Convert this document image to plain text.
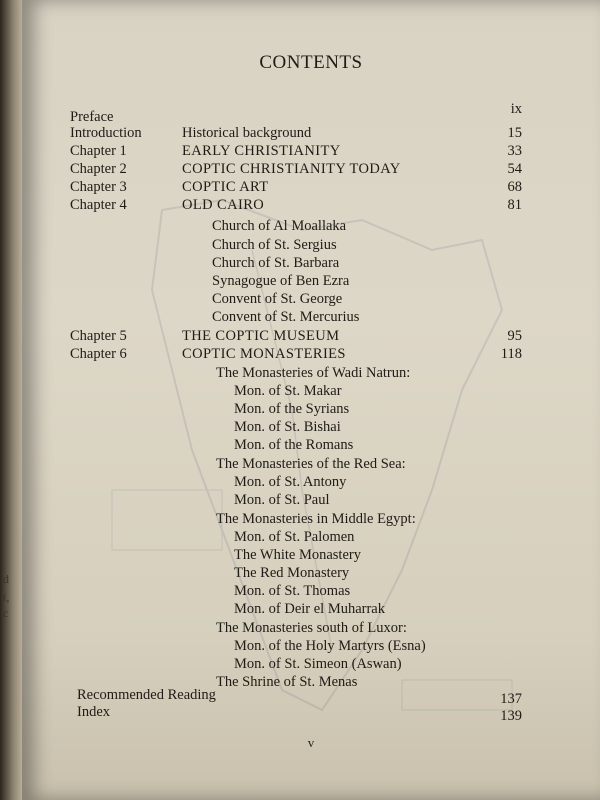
d
t,
c
CONTENTS
Preface	ix
Introduction	Historical background	15
Chapter 1	EARLY CHRISTIANITY	33
Chapter 2	COPTIC CHRISTIANITY TODAY	54
Chapter 3	COPTIC ART	68
Chapter 4	OLD CAIRO	81
Church of Al Moallaka
Church of St. Sergius
Church of St. Barbara
Synagogue of Ben Ezra
Convent of St. George
Convent of St. Mercurius
Chapter 5	THE COPTIC MUSEUM	95
Chapter 6	COPTIC MONASTERIES	118
The Monasteries of Wadi Natrun:
Mon. of St. Makar
Mon. of the Syrians
Mon. of St. Bishai
Mon. of the Romans
The Monasteries of the Red Sea:
Mon. of St. Antony
Mon. of St. Paul
The Monasteries in Middle Egypt:
Mon. of St. Palomen
The White Monastery
The Red Monastery
Mon. of St. Thomas
Mon. of Deir el Muharrak
The Monasteries south of Luxor:
Mon. of the Holy Martyrs (Esna)
Mon. of St. Simeon (Aswan)
The Shrine of St. Menas
Recommended Reading	137
Index	139
v
